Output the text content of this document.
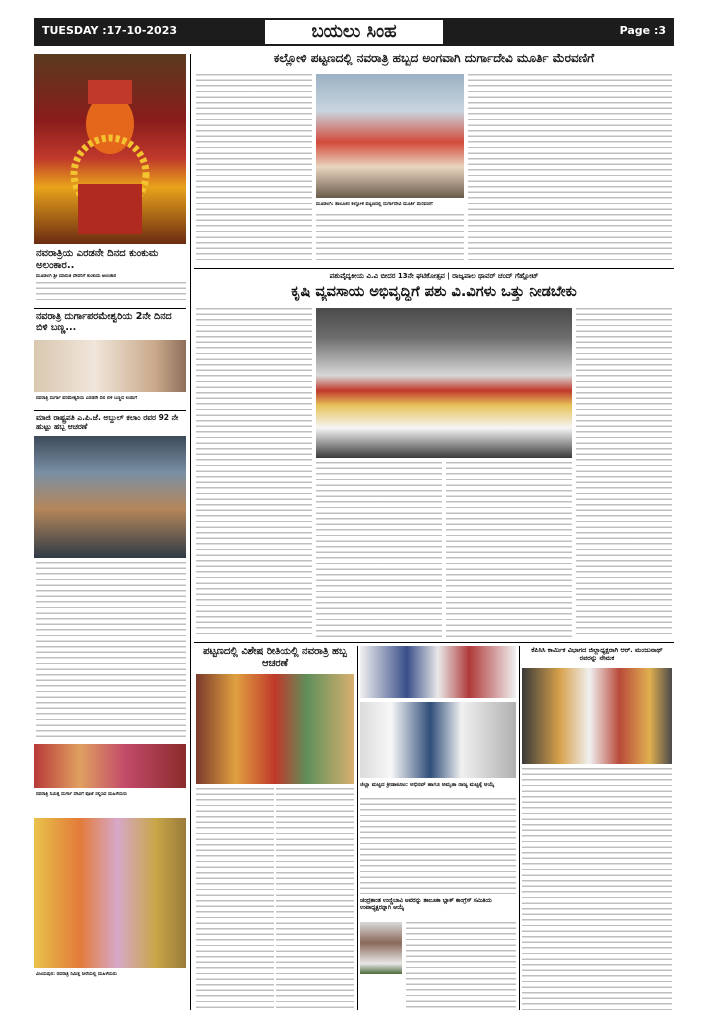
TUESDAY :17-10-2023	ಬಯಲು ಸಿಂಹ	Page :3
ನವರಾತ್ರಿಯ ಎರಡನೇ ದಿನದ ಕುಂಕುಮ ಅಲಂಕಾರ..
ಮೂಡಲಗಿ ಶ್ರೀ ಮಾರುತಿ ದೇವರಿಗೆ ಕುಂಕುಮ ಅಲಂಕಾರ
ನವರಾತ್ರಿ ದುರ್ಗಾಪರಮೇಶ್ವರಿಯ 2ನೇ ದಿನದ ಬಿಳಿ ಬಣ್ಣ...
ನವರಾತ್ರಿ ದುರ್ಗಾ ಪರಮೇಶ್ವರಿಯ ಎರಡನೇ ದಿನ ಬಿಳಿ ಬಣ್ಣದ ಉಡುಗೆ
ಮಾಜಿ ರಾಷ್ಟ್ರಪತಿ ಎ.ಪಿ.ಜೆ. ಅಬ್ದುಲ್ ಕಲಾಂ ರವರ 92 ನೇ ಹುಟ್ಟು ಹಬ್ಬ ಆಚರಣೆ
ನವರಾತ್ರಿ ನಿಮಿತ್ತ ದುರ್ಗಾ ದೇವಿಗೆ ಪೂಜೆ ಸಲ್ಲಿಸಿದ ಮಹಿಳೆಯರು
ವಿಜಯಪುರ: ನವರಾತ್ರಿ ನಿಮಿತ್ತ ಸೀರೆಯಲ್ಲಿ ಮಹಿಳೆಯರು
ಕಲ್ಲೋಳಿ ಪಟ್ಟಣದಲ್ಲಿ ನವರಾತ್ರಿ ಹಬ್ಬದ ಅಂಗವಾಗಿ ದುರ್ಗಾದೇವಿ ಮೂರ್ತಿ ಮೆರವಣಿಗೆ
ಮೂಡಲಗಿ: ತಾಲೂಕಿನ ಕಲ್ಲೋಳಿ ಪಟ್ಟಣದಲ್ಲಿ ದುರ್ಗಾದೇವಿ ಮೂರ್ತಿ ಮೆರವಣಿಗೆ
ಪಶುವೈದ್ಯಕೀಯ ವಿ.ವಿ ಬೀದರ 13ನೇ ಘಟಿಕೋತ್ಸವ | ರಾಜ್ಯಪಾಲ ಥಾವರ್ ಚಂದ್ ಗೆಹ್ಲೋಟ್
ಕೃಷಿ ವ್ಯವಸಾಯ ಅಭಿವೃದ್ಧಿಗೆ ಪಶು ವಿ.ವಿಗಳು ಒತ್ತು ನೀಡಬೇಕು
ಪಟ್ಟಣದಲ್ಲಿ ವಿಶೇಷ ರೀತಿಯಲ್ಲಿ ನವರಾತ್ರಿ ಹಬ್ಬ ಆಚರಣೆ
ಜಿಲ್ಲಾ ಮಟ್ಟದ ಕ್ರೀಡಾಕೂಟ: ಅಭಿನವ್ ಹಾಗೂ ಅಮೃತಾ ರಾಜ್ಯ ಮಟ್ಟಕ್ಕೆ ಆಯ್ಕೆ
ಚಂದ್ರಕಾಂತ ಉಣ್ಣಿಬಾವಿ ಅವರನ್ನು ತಾಲೂಕಾ ಬ್ಲಾಕ್ ಕಾಂಗ್ರೆಸ್ ಸಮಿತಿಯ ಉಪಾಧ್ಯಕ್ಷರನ್ನಾಗಿ ಆಯ್ಕೆ
ಕೆಪಿಸಿಸಿ ಕಾರ್ಮಿಕ ವಿಭಾಗದ ಜಿಲ್ಲಾಧ್ಯಕ್ಷರಾಗಿ ಆರ್. ಮಂಜುನಾಥ್ ರವರನ್ನು ನೇಮಕ
